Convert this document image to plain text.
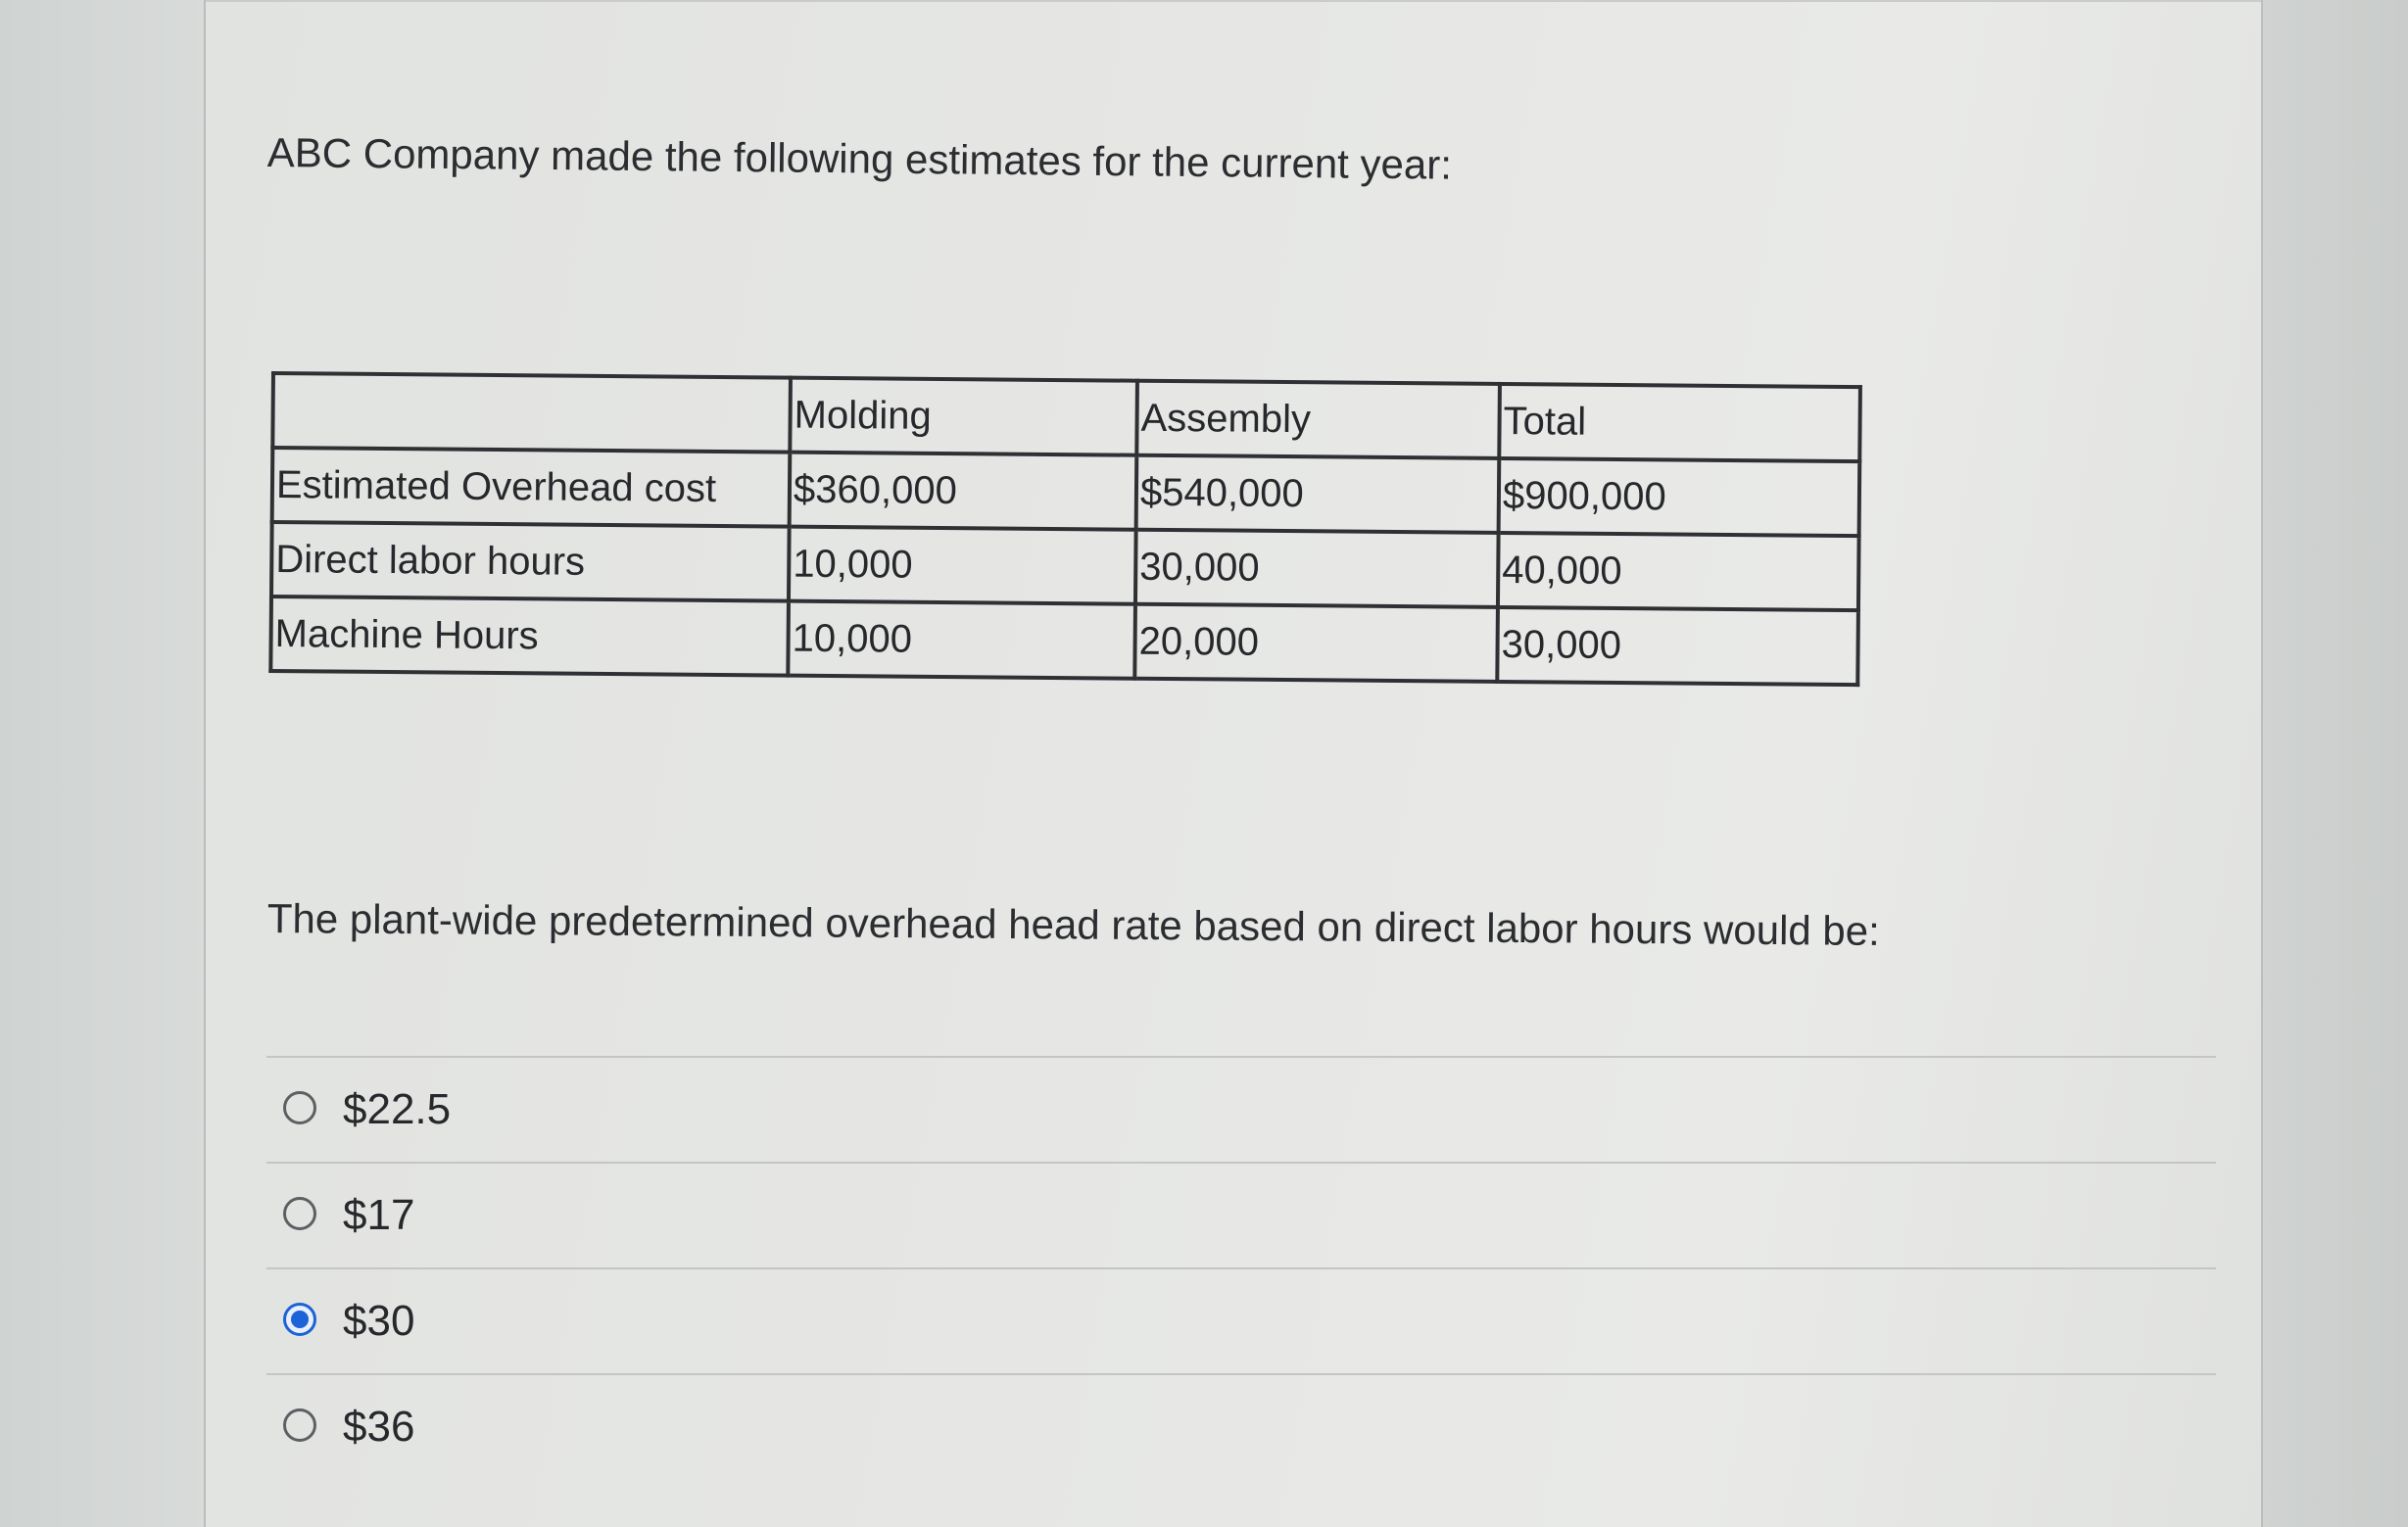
ABC Company made the following estimates for the current year:
	Molding	Assembly	Total
Estimated Overhead cost	$360,000	$540,000	$900,000
Direct labor hours	10,000	30,000	40,000
Machine Hours	10,000	20,000	30,000
The plant-wide predetermined overhead head rate based on direct labor hours would be:
$22.5
$17
$30
$36
